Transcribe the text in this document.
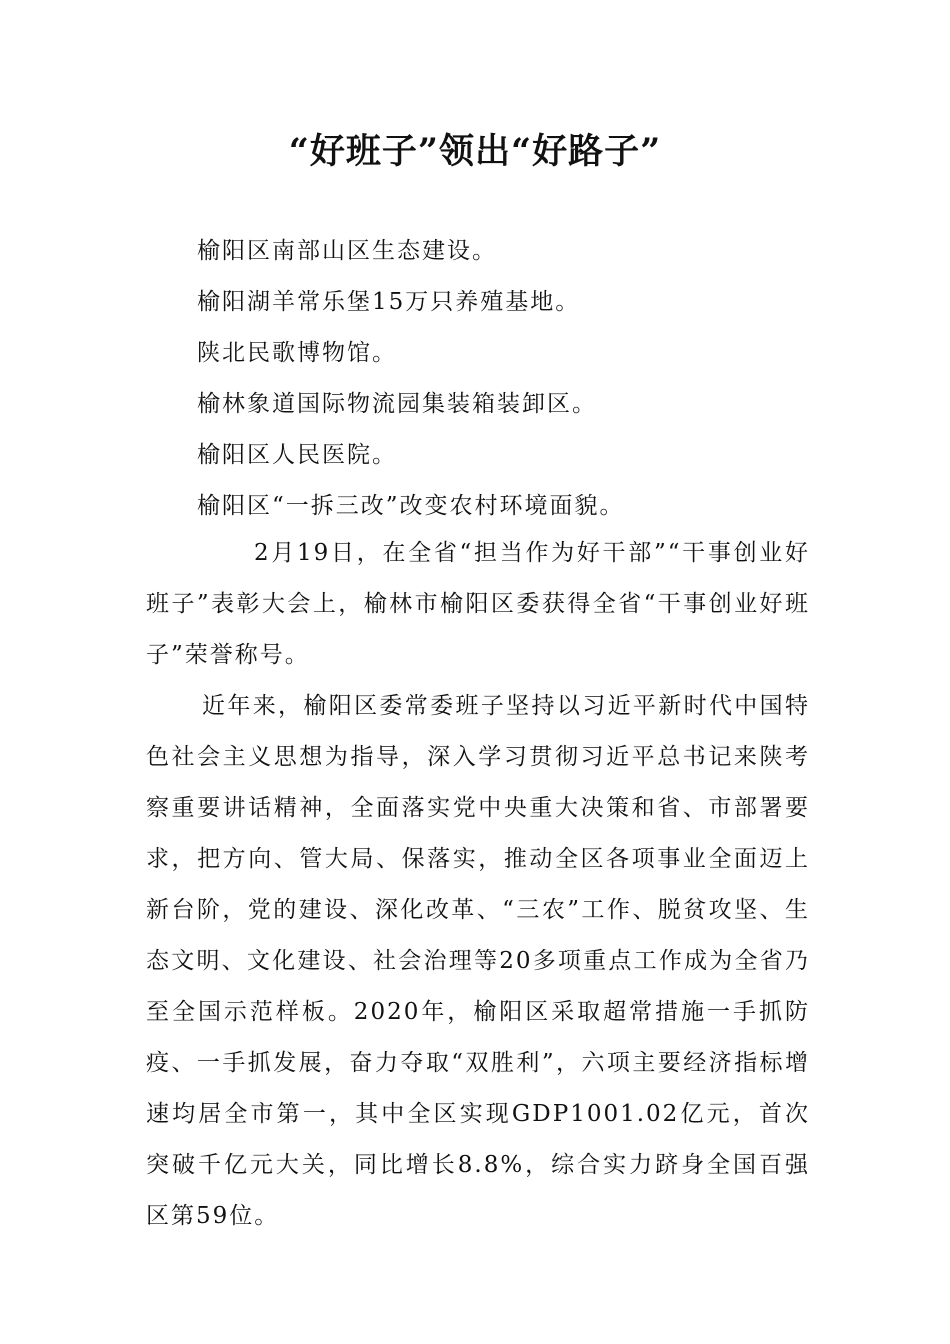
“好班子”领出“好路子”
榆阳区南部山区生态建设。
榆阳湖羊常乐堡15万只养殖基地。
陕北民歌博物馆。
榆林象道国际物流园集装箱装卸区。
榆阳区人民医院。
榆阳区“一拆三改”改变农村环境面貌。

2月19日，在全省“担当作为好干部”“干事创业好班子”表彰大会上，榆林市榆阳区委获得全省“干事创业好班子”荣誉称号。

近年来，榆阳区委常委班子坚持以习近平新时代中国特色社会主义思想为指导，深入学习贯彻习近平总书记来陕考察重要讲话精神，全面落实党中央重大决策和省、市部署要求，把方向、管大局、保落实，推动全区各项事业全面迈上新台阶，党的建设、深化改革、“三农”工作、脱贫攻坚、生态文明、文化建设、社会治理等20多项重点工作成为全省乃至全国示范样板。2020年，榆阳区采取超常措施一手抓防疫、一手抓发展，奋力夺取“双胜利”，六项主要经济指标增速均居全市第一，其中全区实现GDP1001.02亿元，首次突破千亿元大关，同比增长8.8%，综合实力跻身全国百强区第59位。
